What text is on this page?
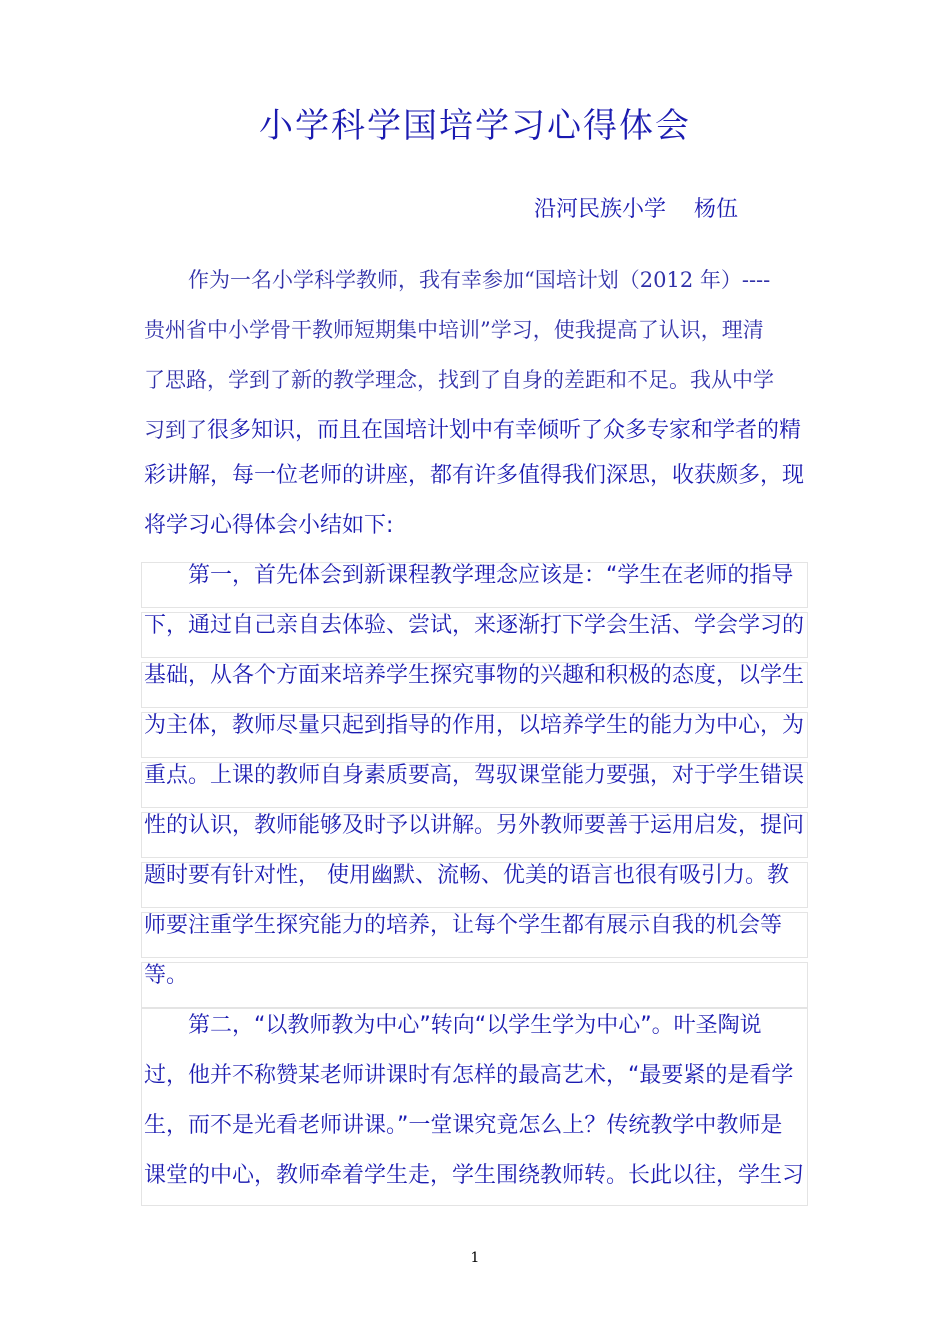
小学科学国培学习心得体会
沿河民族小学    杨伍
作为一名小学科学教师，我有幸参加“国培计划（2012 年）----
贵州省中小学骨干教师短期集中培训”学习，使我提高了认识，理清
了思路，学到了新的教学理念，找到了自身的差距和不足。我从中学
习到了很多知识，而且在国培计划中有幸倾听了众多专家和学者的精
彩讲解，每一位老师的讲座，都有许多值得我们深思，收获颇多，现
将学习心得体会小结如下:
第一，首先体会到新课程教学理念应该是：“学生在老师的指导
下，通过自己亲自去体验、尝试，来逐渐打下学会生活、学会学习的
基础，从各个方面来培养学生探究事物的兴趣和积极的态度，以学生
为主体，教师尽量只起到指导的作用，以培养学生的能力为中心，为
重点。上课的教师自身素质要高，驾驭课堂能力要强，对于学生错误
性的认识，教师能够及时予以讲解。另外教师要善于运用启发，提问
题时要有针对性， 使用幽默、流畅、优美的语言也很有吸引力。教
师要注重学生探究能力的培养，让每个学生都有展示自我的机会等
等。
第二，“以教师教为中心”转向“以学生学为中心”。叶圣陶说
过，他并不称赞某老师讲课时有怎样的最高艺术，“最要紧的是看学
生，而不是光看老师讲课。”一堂课究竟怎么上？传统教学中教师是
课堂的中心，教师牵着学生走，学生围绕教师转。长此以往，学生习
1
